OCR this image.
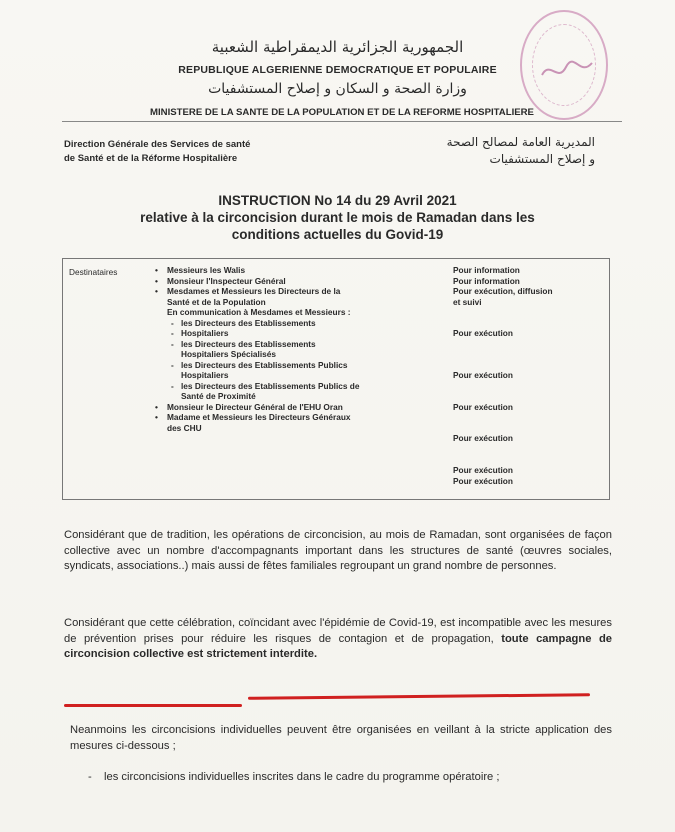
الجمهورية الجزائرية الديمقراطية الشعبية
REPUBLIQUE ALGERIENNE DEMOCRATIQUE ET POPULAIRE
وزارة الصحة و السكان و إصلاح المستشفيات
MINISTERE DE LA SANTE DE LA POPULATION ET DE LA REFORME HOSPITALIERE
Direction Générale des Services de santé
de Santé et de la Réforme Hospitalière
المديرية العامة لمصالح الصحة
و إصلاح المستشفيات
INSTRUCTION No 14 du 29 Avril 2021
relative à la circoncision durant le mois de Ramadan dans les
conditions actuelles du Govid-19
Destinataires
•	Messieurs les Walis
• Monsieur l'Inspecteur Général
• Mesdames et Messieurs les Directeurs de la
Santé et de la Population
En communication à Mesdames et Messieurs :
- les Directeurs des Etablissements
- Hospitaliers
- les Directeurs des Etablissements
Hospitaliers Spécialisés
- les Directeurs des Etablissements Publics
Hospitaliers
- les Directeurs des Etablissements Publics de
Santé de Proximité
• Monsieur le Directeur Général de l'EHU Oran
• Madame et Messieurs les Directeurs Généraux
des CHU
Pour information
Pour information
Pour exécution, diffusion
et suivi
Pour exécution
Pour exécution
Pour exécution
Pour exécution
Pour exécution
Pour exécution
Considérant que de tradition, les opérations de circoncision, au mois de Ramadan, sont organisées de façon collective avec un nombre d'accompagnants important dans les structures de santé (œuvres sociales, syndicats, associations..) mais aussi de fêtes familiales regroupant un grand nombre de personnes.
Considérant que cette célébration, coïncidant avec l'épidémie de Covid-19, est incompatible avec les mesures de prévention prises pour réduire les risques de contagion et de propagation, toute campagne de circoncision collective est strictement interdite.
Neanmoins les circoncisions individuelles peuvent être organisées en veillant à la stricte application des mesures ci-dessous ;
- les circoncisions individuelles inscrites dans le cadre du programme opératoire ;
